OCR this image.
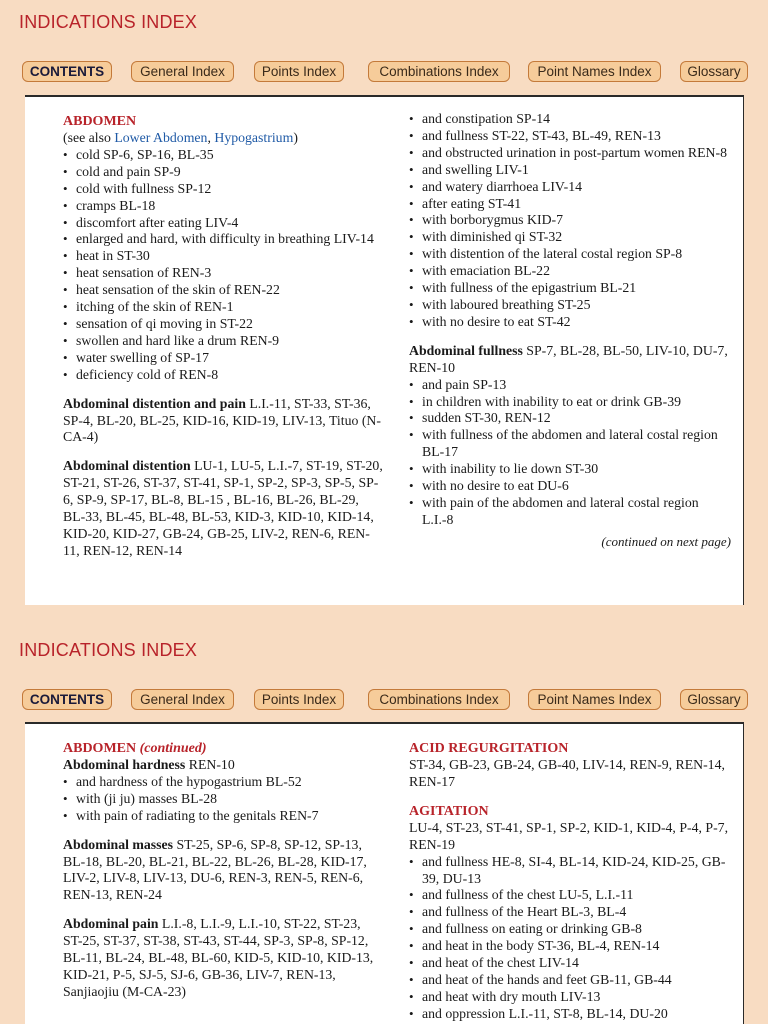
INDICATIONS INDEX
CONTENTS	General Index	Points Index	Combinations Index	Point Names Index	Glossary
ABDOMEN
(see also Lower Abdomen, Hypogastrium)
• cold SP-6, SP-16, BL-35
• cold and pain SP-9
• cold with fullness SP-12
• cramps BL-18
• discomfort after eating LIV-4
• enlarged and hard, with difficulty in breathing LIV-14
• heat in ST-30
• heat sensation of REN-3
• heat sensation of the skin of REN-22
• itching of the skin of REN-1
• sensation of qi moving in ST-22
• swollen and hard like a drum REN-9
• water swelling of SP-17
• deficiency cold of REN-8
Abdominal distention and pain L.I.-11, ST-33, ST-36, SP-4, BL-20, BL-25, KID-16, KID-19, LIV-13, Tituo (N-CA-4)
Abdominal distention LU-1, LU-5, L.I.-7, ST-19, ST-20, ST-21, ST-26, ST-37, ST-41, SP-1, SP-2, SP-3, SP-5, SP-6, SP-9, SP-17, BL-8, BL-15 , BL-16, BL-26, BL-29, BL-33, BL-45, BL-48, BL-53, KID-3, KID-10, KID-14, KID-20, KID-27, GB-24, GB-25, LIV-2, REN-6, REN-11, REN-12, REN-14
• and constipation SP-14
• and fullness ST-22, ST-43, BL-49, REN-13
• and obstructed urination in post-partum women REN-8
• and swelling LIV-1
• and watery diarrhoea LIV-14
• after eating ST-41
• with borborygmus KID-7
• with diminished qi ST-32
• with distention of the lateral costal region SP-8
• with emaciation BL-22
• with fullness of the epigastrium BL-21
• with laboured breathing ST-25
• with no desire to eat ST-42
Abdominal fullness SP-7, BL-28, BL-50, LIV-10, DU-7, REN-10
• and pain SP-13
• in children with inability to eat or drink GB-39
• sudden ST-30, REN-12
• with fullness of the abdomen and lateral costal region BL-17
• with inability to lie down ST-30
• with no desire to eat DU-6
• with pain of the abdomen and lateral costal region L.I.-8
(continued on next page)
INDICATIONS INDEX
CONTENTS	General Index	Points Index	Combinations Index	Point Names Index	Glossary
ABDOMEN (continued)
Abdominal hardness REN-10
• and hardness of the hypogastrium BL-52
• with (ji ju) masses BL-28
• with pain of radiating to the genitals REN-7
Abdominal masses ST-25, SP-6, SP-8, SP-12, SP-13, BL-18, BL-20, BL-21, BL-22, BL-26, BL-28, KID-17, LIV-2, LIV-8, LIV-13, DU-6, REN-3, REN-5, REN-6, REN-13, REN-24
Abdominal pain L.I.-8, L.I.-9, L.I.-10, ST-22, ST-23, ST-25, ST-37, ST-38, ST-43, ST-44, SP-3, SP-8, SP-12, BL-11, BL-24, BL-48, BL-60, KID-5, KID-10, KID-13, KID-21, P-5, SJ-5, SJ-6, GB-36, LIV-7, REN-13, Sanjiaojiu (M-CA-23)
ACID REGURGITATION
ST-34, GB-23, GB-24, GB-40, LIV-14, REN-9, REN-14, REN-17
AGITATION
LU-4, ST-23, ST-41, SP-1, SP-2, KID-1, KID-4, P-4, P-7, REN-19
• and fullness HE-8, SI-4, BL-14, KID-24, KID-25, GB-39, DU-13
• and fullness of the chest LU-5, L.I.-11
• and fullness of the Heart BL-3, BL-4
• and fullness on eating or drinking GB-8
• and heat in the body ST-36, BL-4, REN-14
• and heat of the chest LIV-14
• and heat of the hands and feet GB-11, GB-44
• and heat with dry mouth LIV-13
• and oppression L.I.-11, ST-8, BL-14, DU-20
